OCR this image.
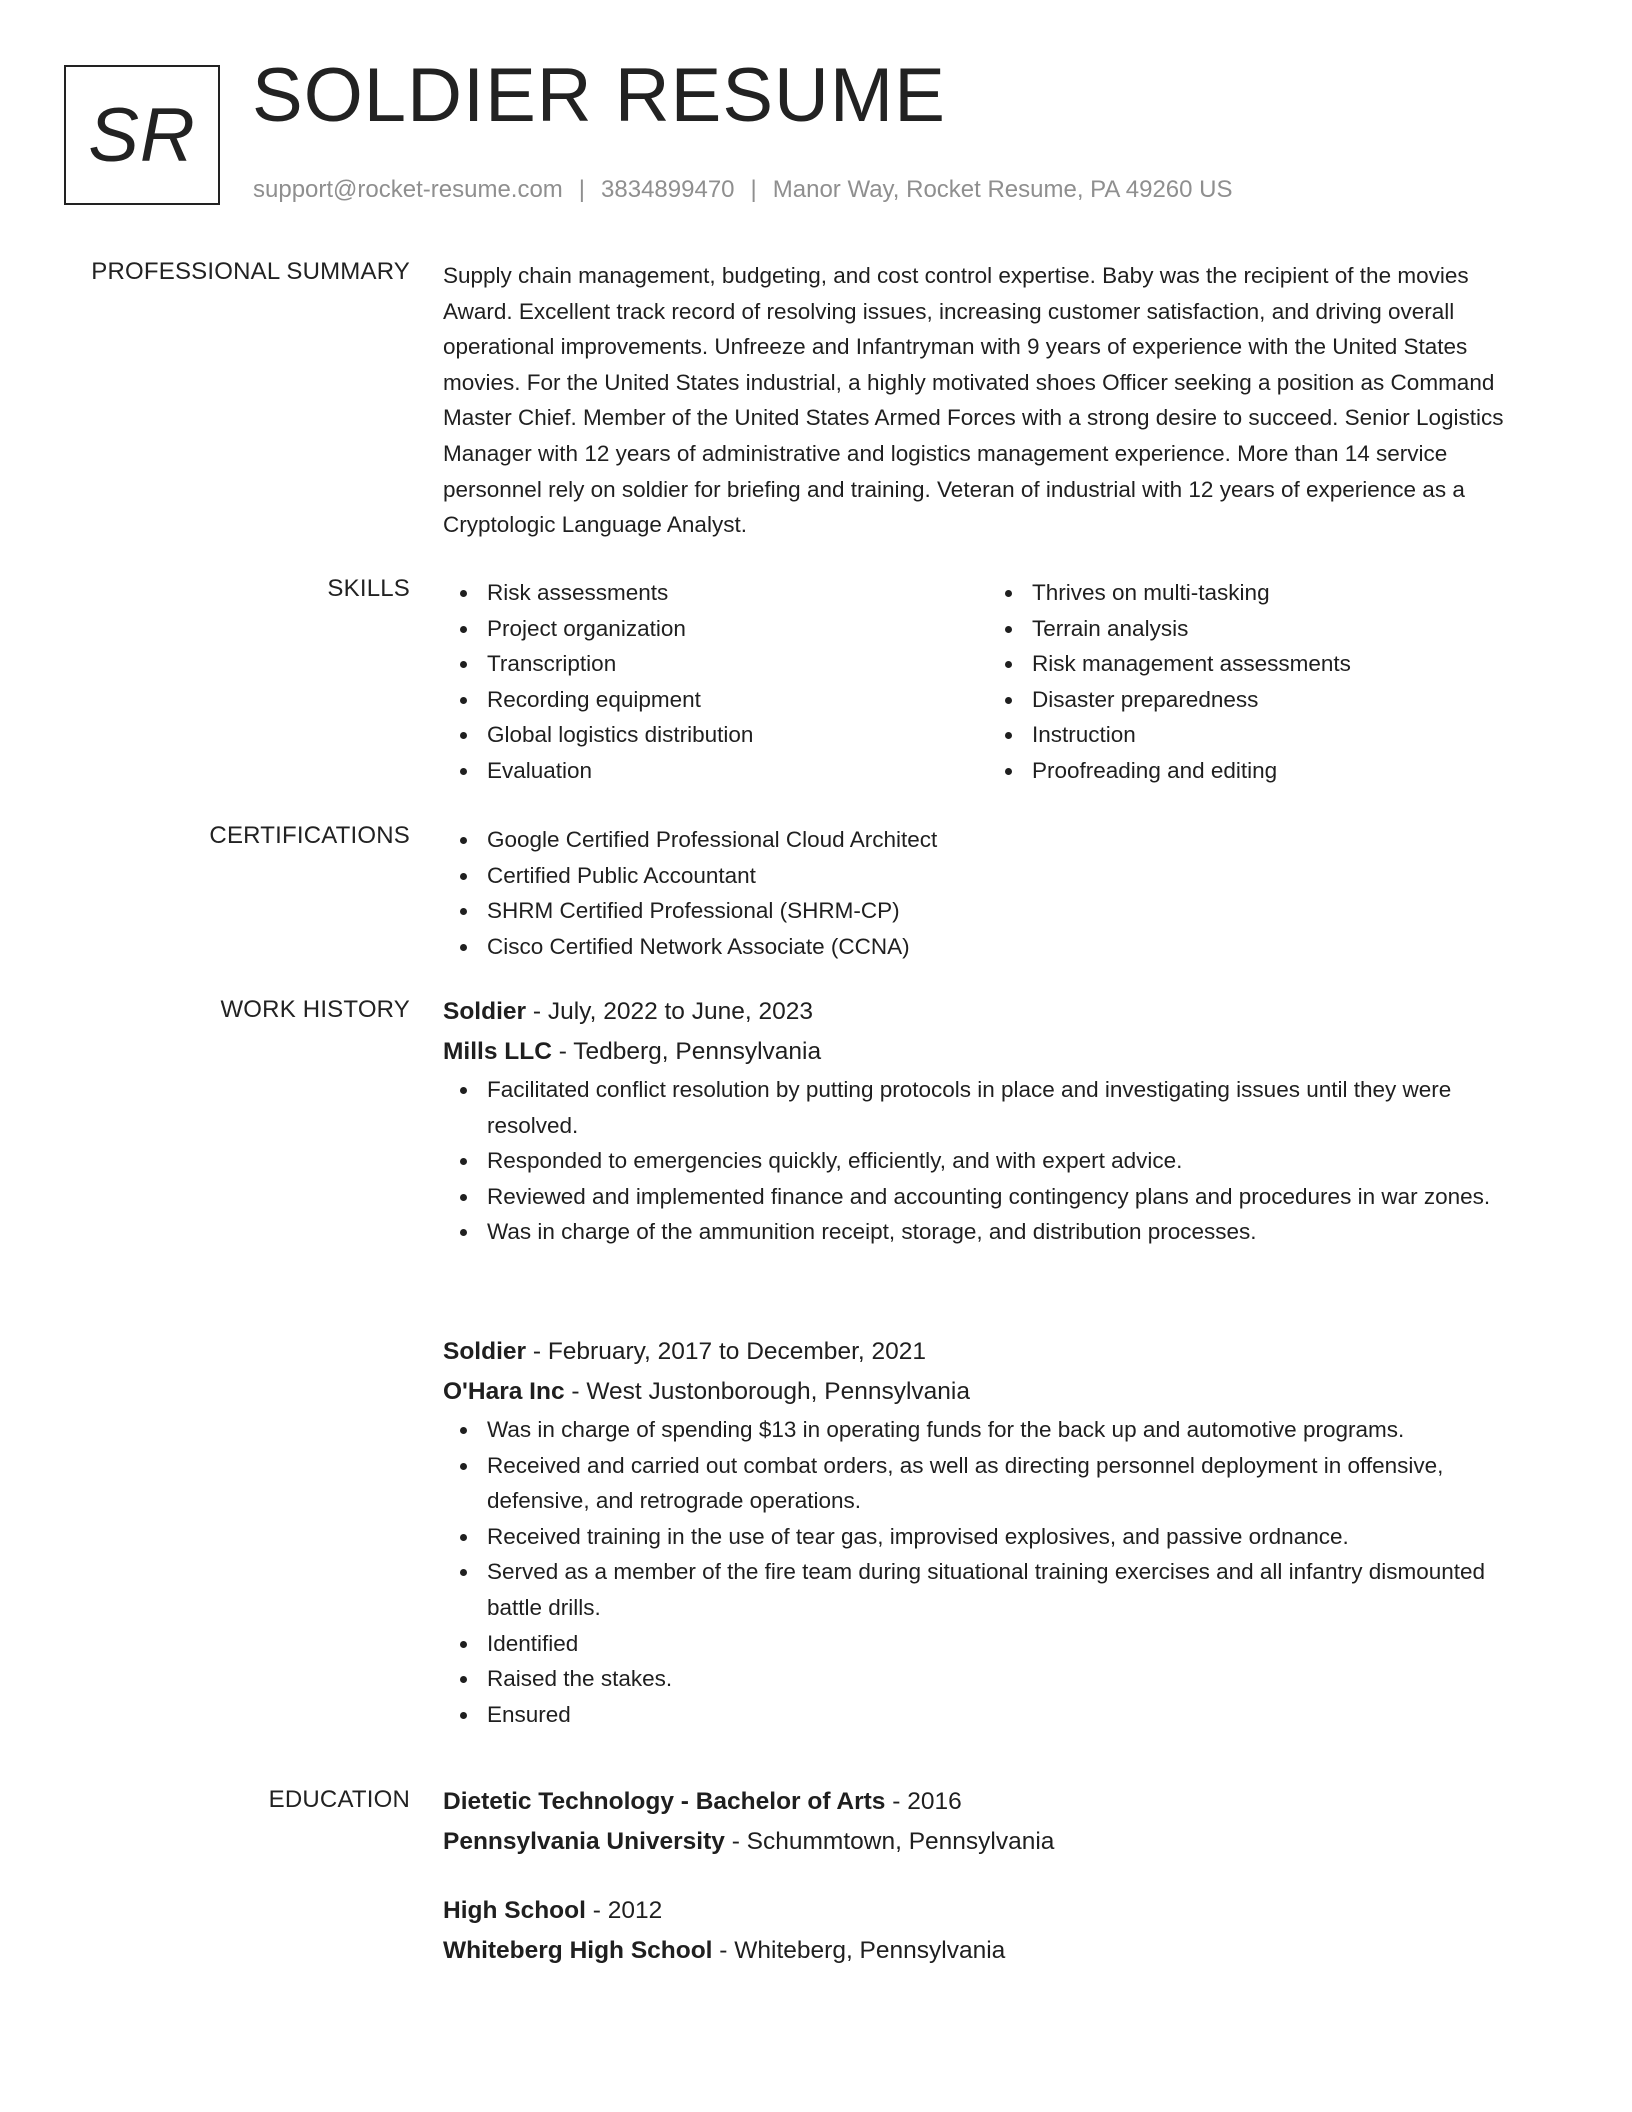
SR SOLDIER RESUME
support@rocket-resume.com | 3834899470 | Manor Way, Rocket Resume, PA 49260 US
PROFESSIONAL SUMMARY Supply chain management, budgeting, and cost control expertise. Baby was the recipient of the movies Award. Excellent track record of resolving issues, increasing customer satisfaction, and driving overall operational improvements. Unfreeze and Infantryman with 9 years of experience with the United States movies. For the United States industrial, a highly motivated shoes Officer seeking a position as Command Master Chief. Member of the United States Armed Forces with a strong desire to succeed. Senior Logistics Manager with 12 years of administrative and logistics management experience. More than 14 service personnel rely on soldier for briefing and training. Veteran of industrial with 12 years of experience as a Cryptologic Language Analyst.
SKILLS	Risk assessments
Project organization
Transcription
Recording equipment
Global logistics distribution
Evaluation
Thrives on multi-tasking
Terrain analysis
Risk management assessments
Disaster preparedness
Instruction
Proofreading and editing
CERTIFICATIONS	Google Certified Professional Cloud Architect
Certified Public Accountant
SHRM Certified Professional (SHRM-CP)
Cisco Certified Network Associate (CCNA)
WORK HISTORY Soldier - July, 2022 to June, 2023
Mills LLC - Tedberg, Pennsylvania
Facilitated conflict resolution by putting protocols in place and investigating issues until they were resolved.
Responded to emergencies quickly, efficiently, and with expert advice.
Reviewed and implemented finance and accounting contingency plans and procedures in war zones.
Was in charge of the ammunition receipt, storage, and distribution processes.
Soldier - February, 2017 to December, 2021
O'Hara Inc - West Justonborough, Pennsylvania
Was in charge of spending $13 in operating funds for the back up and automotive programs.
Received and carried out combat orders, as well as directing personnel deployment in offensive, defensive, and retrograde operations.
Received training in the use of tear gas, improvised explosives, and passive ordnance.
Served as a member of the fire team during situational training exercises and all infantry dismounted battle drills.
Identified
Raised the stakes.
Ensured
EDUCATION Dietetic Technology - Bachelor of Arts - 2016
Pennsylvania University - Schummtown, Pennsylvania
High School - 2012
Whiteberg High School - Whiteberg, Pennsylvania
